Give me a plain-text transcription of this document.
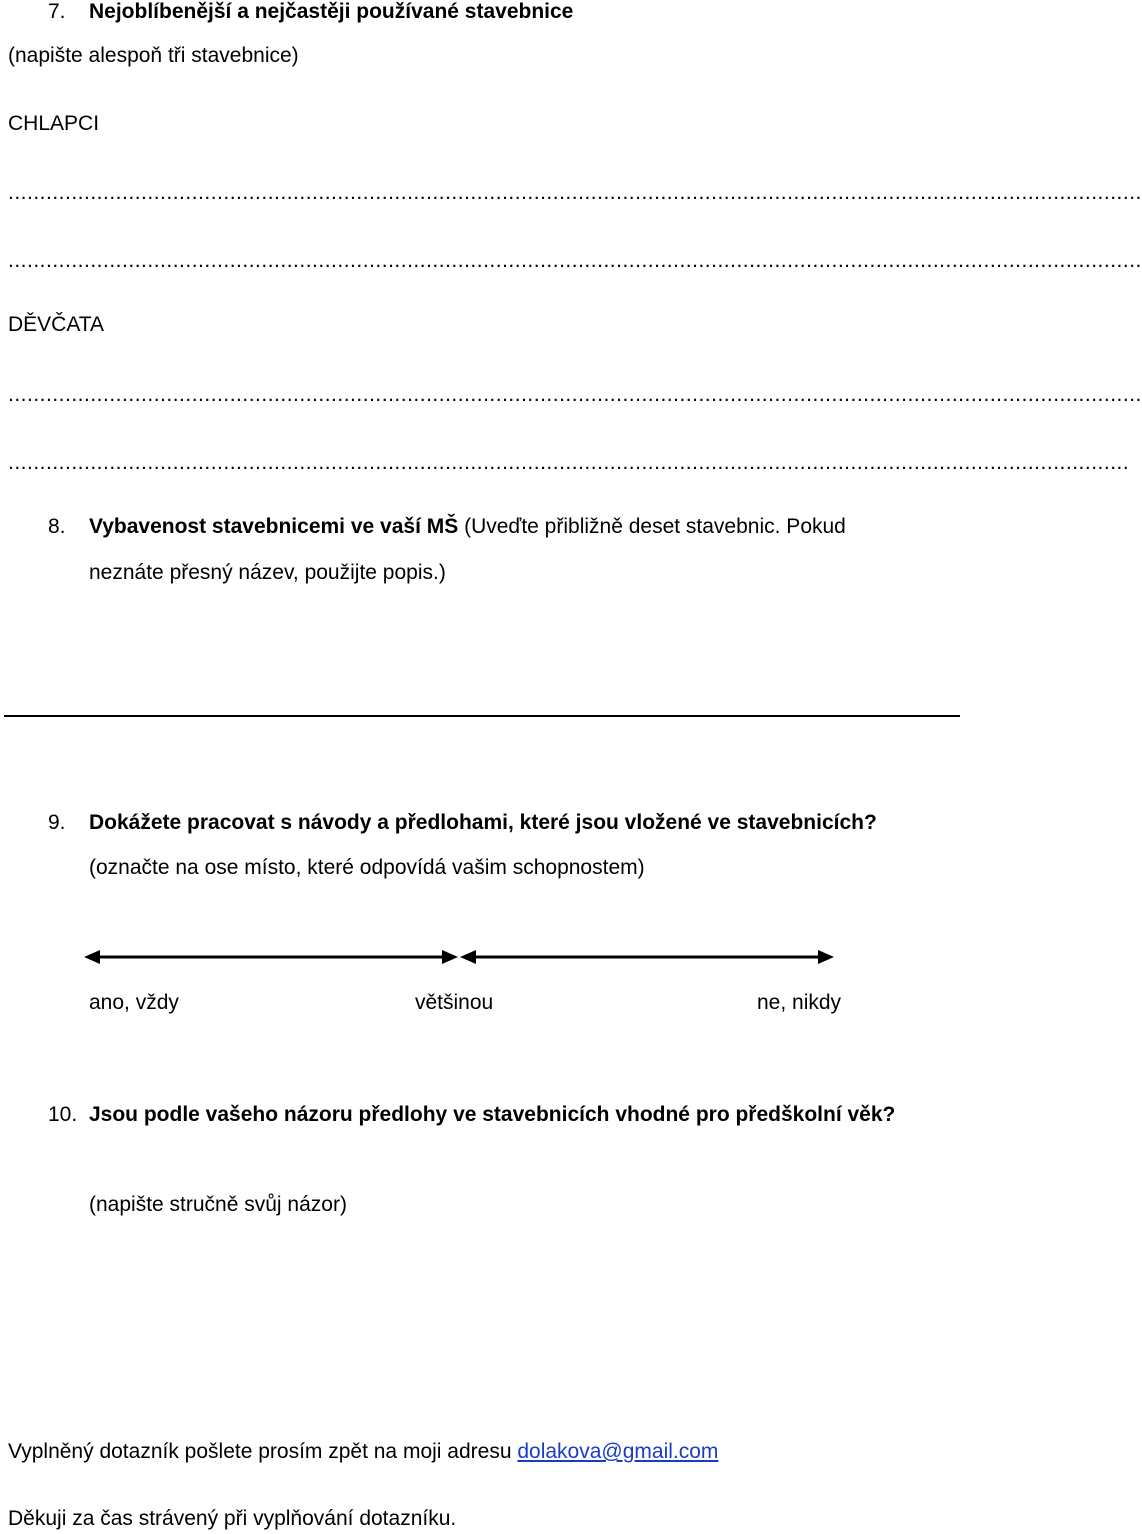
7. Nejoblíbenější a nejčastěji používané stavebnice
(napište alespoň tři stavebnice)
CHLAPCI
...................................................................................................................................................................................
...................................................................................................................................................................................
DĚVČATA
...................................................................................................................................................................................
.................................................................................................................................................................................
8. Vybavenost stavebnicemi ve vaší MŠ (Uveďte přibližně deset stavebnic. Pokud
neznáte přesný název, použijte popis.)
9. Dokážete pracovat s návody a předlohami, které jsou vložené ve stavebnicích?
(označte na ose místo, které odpovídá vašim schopnostem)
ano, vždy	většinou	ne, nikdy
10. Jsou podle vašeho názoru předlohy ve stavebnicích vhodné pro předškolní věk?
(napište stručně svůj názor)
Vyplněný dotazník pošlete prosím zpět na moji adresu dolakova@gmail.com
Děkuji za čas strávený při vyplňování dotazníku.
